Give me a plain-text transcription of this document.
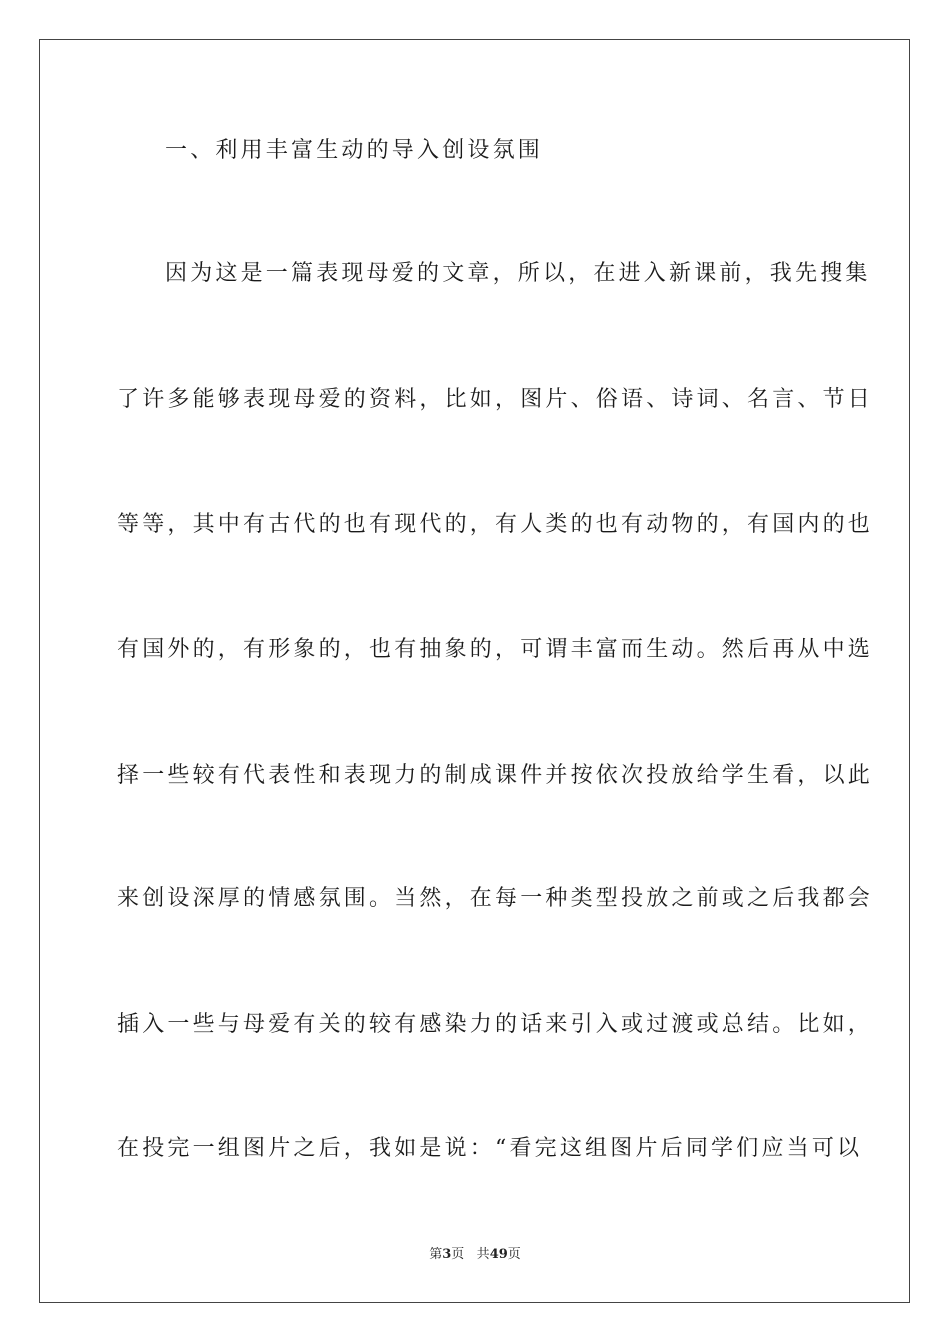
一、利用丰富生动的导入创设氛围
因为这是一篇表现母爱的文章，所以，在进入新课前，我先搜集
了许多能够表现母爱的资料，比如，图片、俗语、诗词、名言、节日
等等，其中有古代的也有现代的，有人类的也有动物的，有国内的也
有国外的，有形象的，也有抽象的，可谓丰富而生动。然后再从中选
择一些较有代表性和表现力的制成课件并按依次投放给学生看，以此
来创设深厚的情感氛围。当然，在每一种类型投放之前或之后我都会
插入一些与母爱有关的较有感染力的话来引入或过渡或总结。比如，
在投完一组图片之后，我如是说：“看完这组图片后同学们应当可以
第3页 共49页
